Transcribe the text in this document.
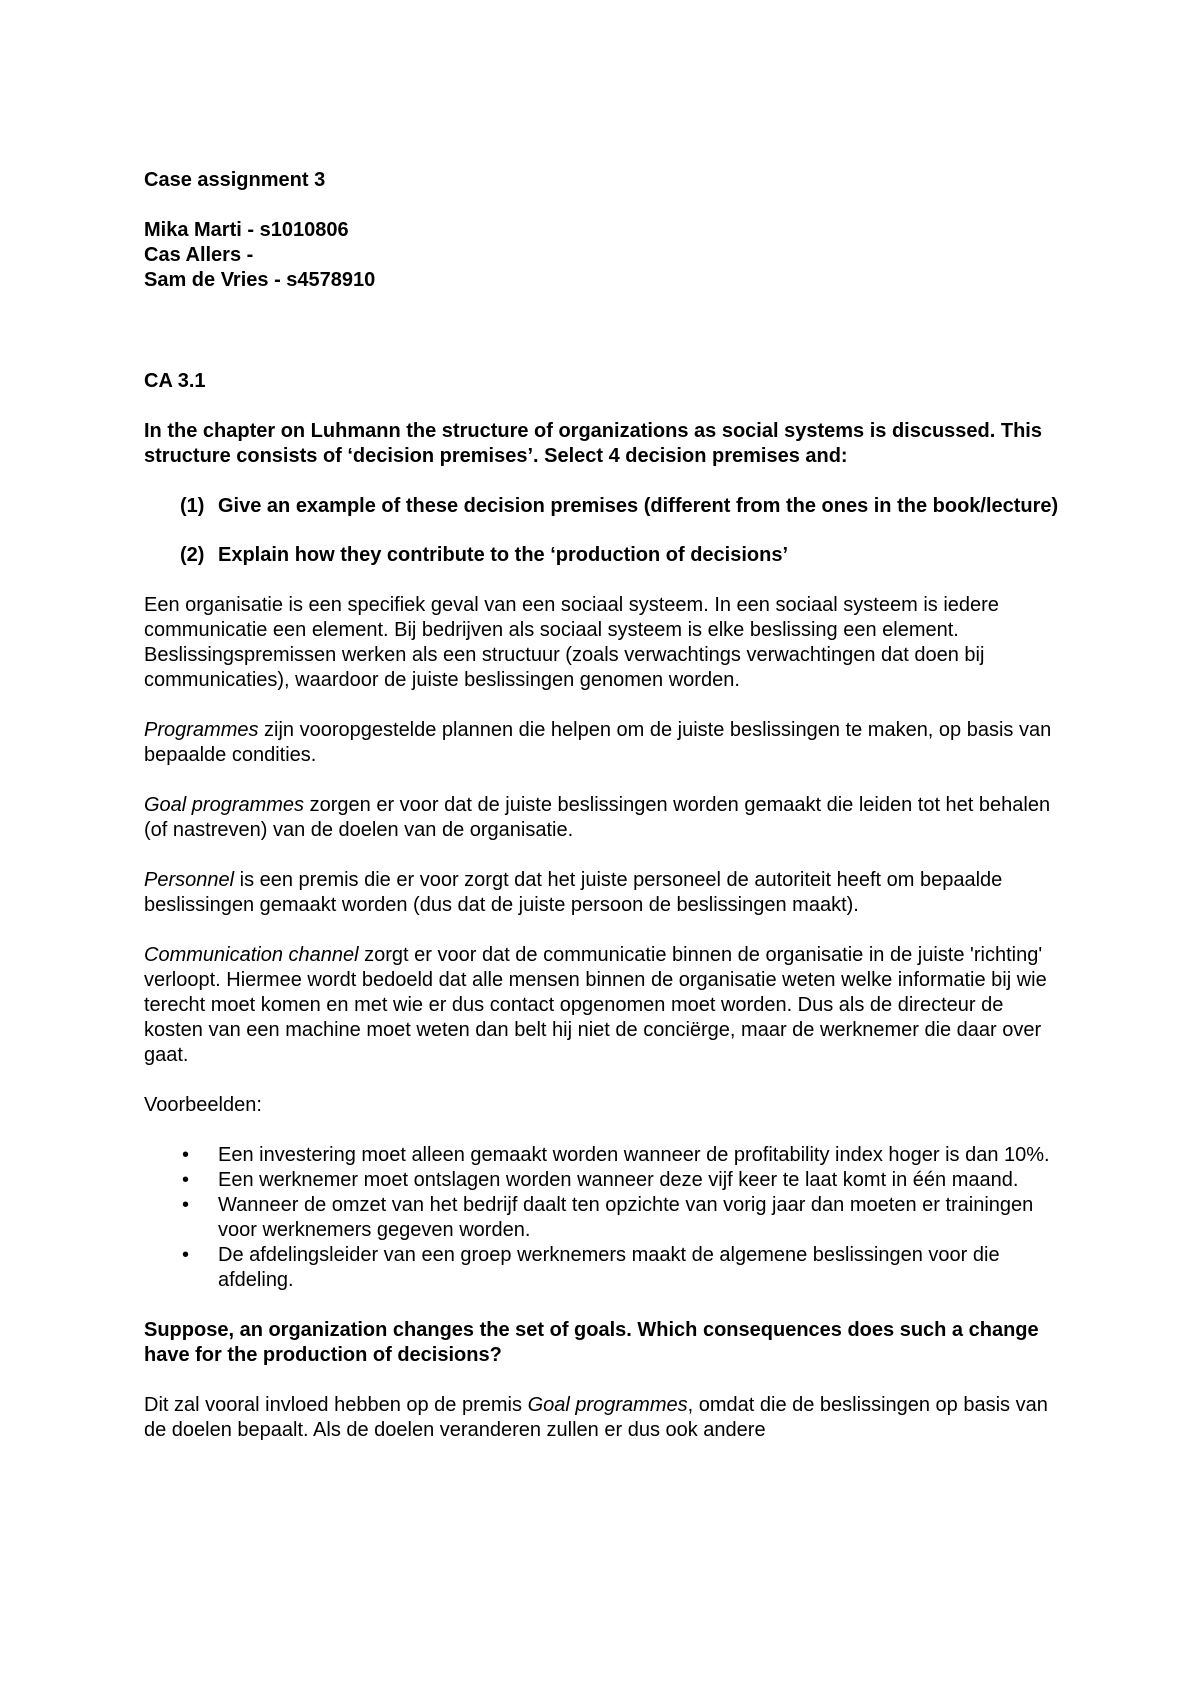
Case assignment 3

Mika Marti - s1010806

Cas Allers -

Sam de Vries - s4578910

CA 3.1

In the chapter on Luhmann the structure of organizations as social systems is discussed. This structure consists of ‘decision premises’. Select 4 decision premises and:

(1) Give an example of these decision premises (different from the ones in the book/lecture)
(2) Explain how they contribute to the ‘production of decisions’

Een organisatie is een specifiek geval van een sociaal systeem. In een sociaal systeem is iedere communicatie een element. Bij bedrijven als sociaal systeem is elke beslissing een element. Beslissingspremissen werken als een structuur (zoals verwachtings verwachtingen dat doen bij communicaties), waardoor de juiste beslissingen genomen worden.

Programmes zijn vooropgestelde plannen die helpen om de juiste beslissingen te maken, op basis van bepaalde condities.

Goal programmes zorgen er voor dat de juiste beslissingen worden gemaakt die leiden tot het behalen (of nastreven) van de doelen van de organisatie.

Personnel is een premis die er voor zorgt dat het juiste personeel de autoriteit heeft om bepaalde beslissingen gemaakt worden (dus dat de juiste persoon de beslissingen maakt).

Communication channel zorgt er voor dat de communicatie binnen de organisatie in de juiste 'richting' verloopt. Hiermee wordt bedoeld dat alle mensen binnen de organisatie weten welke informatie bij wie terecht moet komen en met wie er dus contact opgenomen moet worden. Dus als de directeur de kosten van een machine moet weten dan belt hij niet de conciërge, maar de werknemer die daar over gaat.

Voorbeelden:

• Een investering moet alleen gemaakt worden wanneer de profitability index hoger is dan 10%.
• Een werknemer moet ontslagen worden wanneer deze vijf keer te laat komt in één maand.
• Wanneer de omzet van het bedrijf daalt ten opzichte van vorig jaar dan moeten er trainingen voor werknemers gegeven worden.
• De afdelingsleider van een groep werknemers maakt de algemene beslissingen voor die afdeling.

Suppose, an organization changes the set of goals. Which consequences does such a change have for the production of decisions?

Dit zal vooral invloed hebben op de premis Goal programmes, omdat die de beslissingen op basis van de doelen bepaalt. Als de doelen veranderen zullen er dus ook andere
